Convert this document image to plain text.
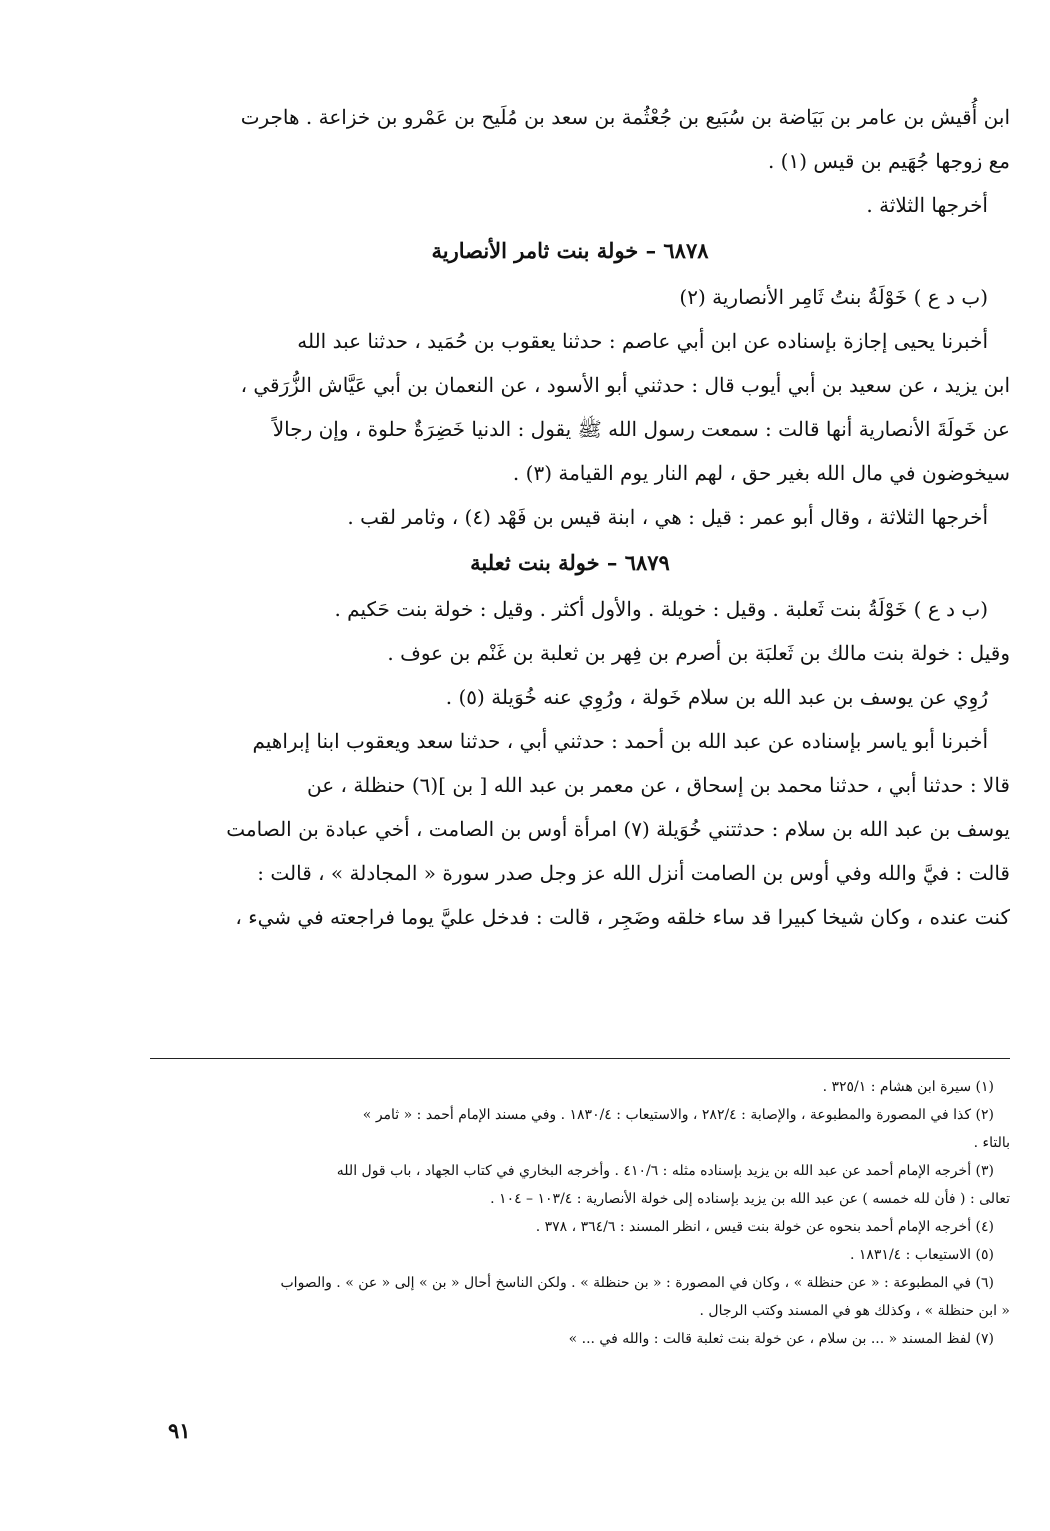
ابن أُقيش بن عامر بن بَيَاضة بن سُبَيع بن جُعْثُمة بن سعد بن مُلَيح بن عَمْرو بن خزاعة . هاجرت

مع زوجها جُهَيم بن قيس (١) .

أخرجها الثلاثة .

٦٨٧٨ – خولة بنت ثامر الأنصارية

(ب د ع ) خَوْلَةُ بنتُ ثَامِر الأنصارية (٢)

أخبرنا يحيى إجازة بإسناده عن ابن أبي عاصم : حدثنا يعقوب بن حُمَيد ، حدثنا عبد الله

ابن يزيد ، عن سعيد بن أبي أيوب قال : حدثني أبو الأسود ، عن النعمان بن أبي عَيَّاش الزُّرَقي ،

عن خَولَةَ الأنصارية أنها قالت : سمعت رسول الله ﷺ يقول : الدنيا خَضِرَةٌ حلوة ، وإن رجالاً

سيخوضون في مال الله بغير حق ، لهم النار يوم القيامة (٣) .

أخرجها الثلاثة ، وقال أبو عمر : قيل : هي ، ابنة قيس بن فَهْد (٤) ، وثامر لقب .

٦٨٧٩ – خولة بنت ثعلبة

(ب د ع ) خَوْلَةُ بنت ثَعلبة . وقيل : خويلة . والأول أكثر . وقيل : خولة بنت حَكيم .

وقيل : خولة بنت مالك بن ثَعلبَة بن أصرم بن فِهر بن ثعلبة بن غَنْم بن عوف .

رُوِي عن يوسف بن عبد الله بن سلام خَولة ، ورُوِي عنه خُوَيلة (٥) .

أخبرنا أبو ياسر بإسناده عن عبد الله بن أحمد : حدثني أبي ، حدثنا سعد ويعقوب ابنا إبراهيم

قالا : حدثنا أبي ، حدثنا محمد بن إسحاق ، عن معمر بن عبد الله [ بن ](٦) حنظلة ، عن

يوسف بن عبد الله بن سلام : حدثتني خُوَيلة (٧) امرأة أوس بن الصامت ، أخي عبادة بن الصامت

قالت : فيَّ والله وفي أوس بن الصامت أنزل الله عز وجل صدر سورة « المجادلة » ، قالت :

كنت عنده ، وكان شيخا كبيرا قد ساء خلقه وضَجِر ، قالت : فدخل عليَّ يوما فراجعته في شيء ،

(١) سيرة ابن هشام : ٣٢٥/١ .

(٢) كذا في المصورة والمطبوعة ، والإصابة : ٢٨٢/٤ ، والاستيعاب : ١٨٣٠/٤ . وفي مسند الإمام أحمد : « ثامر »

بالتاء .

(٣) أخرجه الإمام أحمد عن عبد الله بن يزيد بإسناده مثله : ٤١٠/٦ . وأخرجه البخاري في كتاب الجهاد ، باب قول الله

تعالى : ( فأن لله خمسه ) عن عبد الله بن يزيد بإسناده إلى خولة الأنصارية : ١٠٣/٤ – ١٠٤ .

(٤) أخرجه الإمام أحمد بنحوه عن خولة بنت قيس ، انظر المسند : ٣٦٤/٦ ، ٣٧٨ .

(٥) الاستيعاب : ١٨٣١/٤ .

(٦) في المطبوعة : « عن حنظلة » ، وكان في المصورة : « بن حنظلة » . ولكن الناسخ أحال « بن » إلى « عن » . والصواب

« ابن حنظلة » ، وكذلك هو في المسند وكتب الرجال .

(٧) لفظ المسند « ... بن سلام ، عن خولة بنت ثعلبة قالت : والله في ... »

٩١
